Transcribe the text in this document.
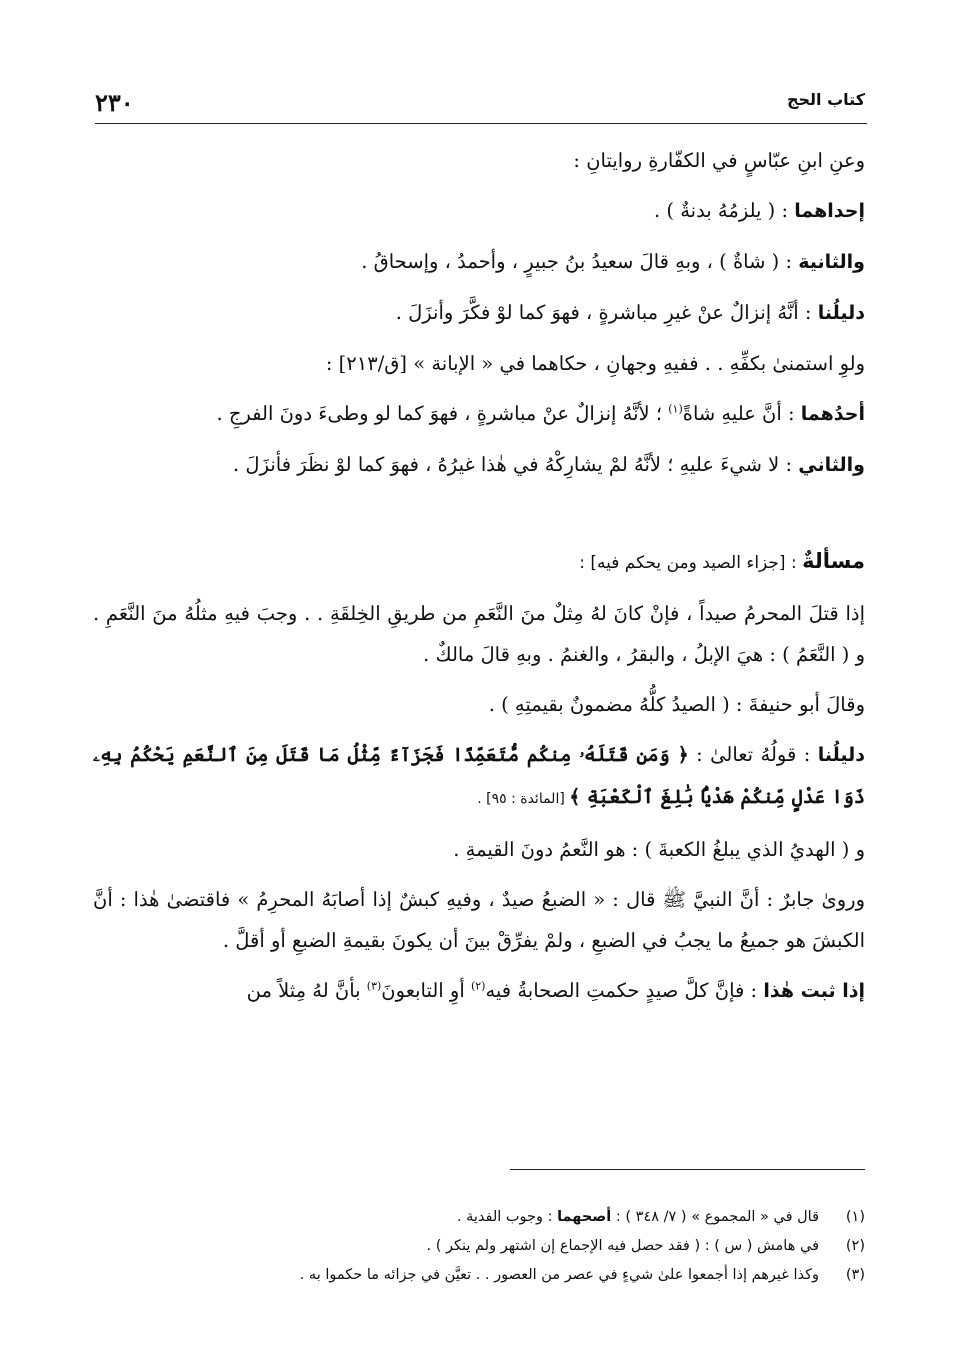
٢٣٠	كتاب الحج

وعنِ ابنِ عبّاسٍ في الكفّارةِ روايتانِ :

إحداهما : ( يلزمُهُ بدنةٌ ) .

والثانية : ( شاةٌ ) ، وبهِ قالَ سعيدُ بنُ جبيرٍ ، وأحمدُ ، وإسحاقُ .

دليلُنا : أنَّهُ إنزالٌ عنْ غيرِ مباشرةٍ ، فهوَ كما لوْ فكَّرَ وأنزَلَ .

ولوِ استمنىٰ بكفِّهِ . . ففيهِ وجهانِ ، حكاهما في « الإبانة » [ق/٢١٣] :

أحدُهما : أنَّ عليهِ شاةً$^{(١)}$ ؛ لأنَّهُ إنزالٌ عنْ مباشرةٍ ، فهوَ كما لو وطىءَ دونَ الفرجِ .

والثاني : لا شيءَ عليهِ ؛ لأنَّهُ لمْ يشارِكْهُ في هٰذا غيرُهُ ، فهوَ كما لوْ نظَرَ فأنزَلَ .

مسألةٌ : [جزاء الصيد ومن يحكم فيه] :

إذا قتلَ المحرمُ صيداً ، فإنْ كانَ لهُ مِثلٌ منَ النَّعَمِ من طريقِ الخِلقَةِ . . وجبَ فيهِ مثلُهُ منَ النَّعَمِ . و ( النَّعَمُ ) : هيَ الإبلُ ، والبقرُ ، والغنمُ . وبهِ قالَ مالكٌ .

وقالَ أبو حنيفةَ : ( الصيدُ كلُّهُ مضمونٌ بقيمتِهِ ) .

دليلُنا : قولُهُ تعالىٰ : ﴿ وَمَن قَتَلَهُۥ مِنكُم مُّتَعَمِّدًا فَجَزَآءٌ مِّثْلُ مَا قَتَلَ مِنَ ٱلنَّعَمِ يَحْكُمُ بِهِۦ ذَوَا عَدْلٍ مِّنكُمْ هَدْيًۢا بَٰلِغَ ٱلْكَعْبَةِ ﴾ [المائدة : ٩٥] .

و ( الهديُ الذي يبلغُ الكعبةَ ) : هو النَّعمُ دونَ القيمةِ .

وروىٰ جابرٌ : أنَّ النبيَّ ﷺ قال : « الضبعُ صيدٌ ، وفيهِ كبشٌ إذا أصابَهُ المحرِمُ » فاقتضىٰ هٰذا : أنَّ الكبشَ هو جميعُ ما يجبُ في الضبعِ ، ولمْ يفرِّقْ بينَ أن يكونَ بقيمةِ الضبعِ أو أقلَّ .

إذا ثبت هٰذا : فإنَّ كلَّ صيدٍ حكمتِ الصحابةُ فيه$^{(٢)}$ أوِ التابعونَ$^{(٣)}$ بأنَّ لهُ مِثلاً من

(١)قال في « المجموع » ( ٧/ ٣٤٨ ) : أصحهما : وجوب الفدية .

(٢)في هامش ( س ) : ( فقد حصل فيه الإجماع إن اشتهر ولم ينكر ) .

(٣)وكذا غيرهم إذا أجمعوا علىٰ شيءٍ في عصر من العصور . . تعيَّن في جزائه ما حكموا به .
